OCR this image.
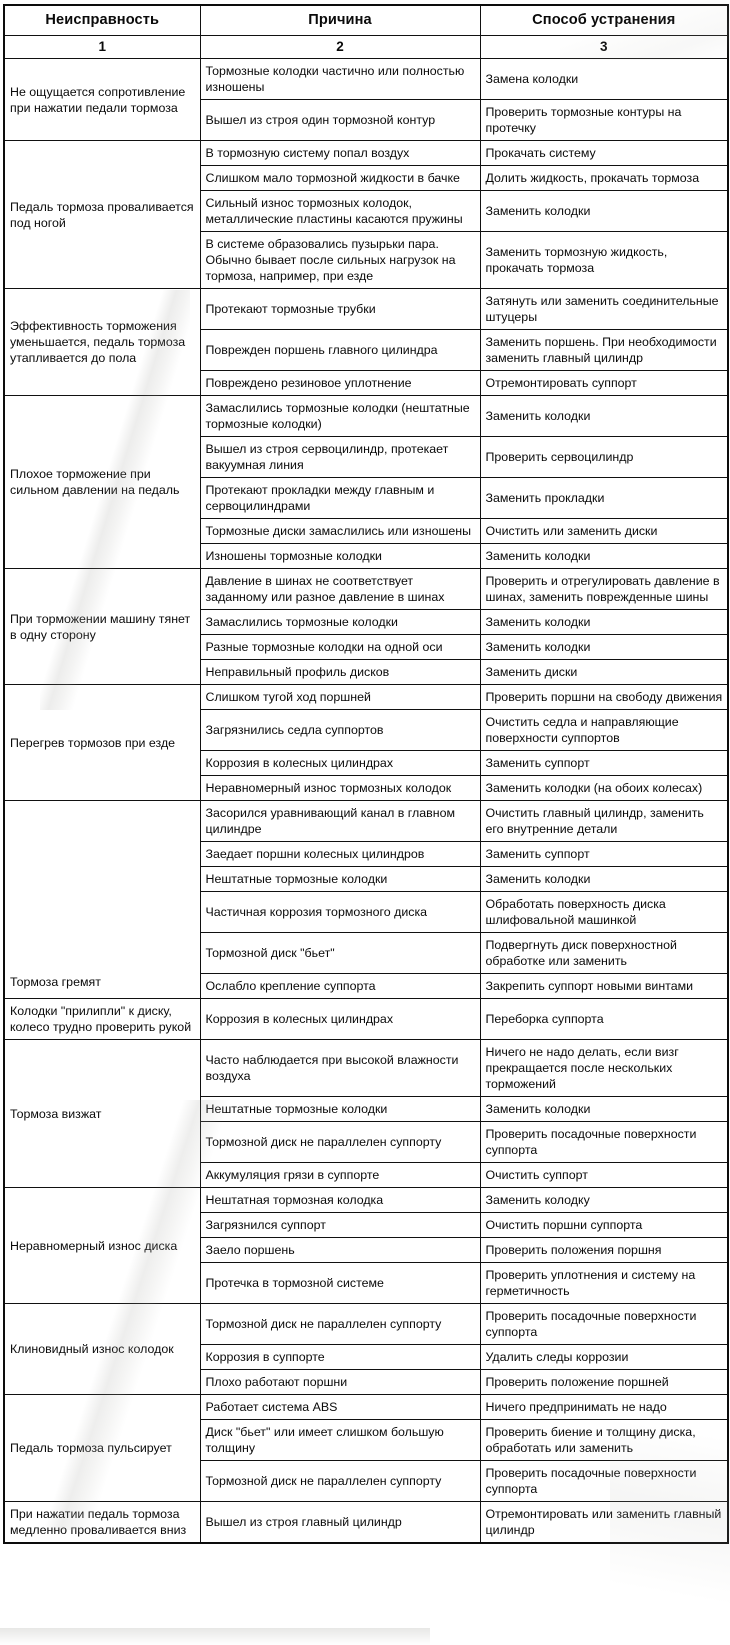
Неисправность	Причина	Способ устранения
1	2	3
Не ощущается сопротивление при нажатии педали тормоза	Тормозные колодки частично или полностью изношены	Замена колодки
	Вышел из строя один тормозной контур	Проверить тормозные контуры на протечку
Педаль тормоза проваливается под ногой	В тормозную систему попал воздух	Прокачать систему
	Слишком мало тормозной жидкости в бачке	Долить жидкость, прокачать тормоза
	Сильный износ тормозных колодок, металлические пластины касаются пружины	Заменить колодки
	В системе образовались пузырьки пара. Обычно бывает после сильных нагрузок на тормоза, например, при езде	Заменить тормозную жидкость, прокачать тормоза
Эффективность торможения уменьшается, педаль тормоза утапливается до пола	Протекают тормозные трубки	Затянуть или заменить соединительные штуцеры
	Поврежден поршень главного цилиндра	Заменить поршень. При необходимости заменить главный цилиндр
	Повреждено резиновое уплотнение	Отремонтировать суппорт
Плохое торможение при сильном давлении на педаль	Замаслились тормозные колодки (нештатные тормозные колодки)	Заменить колодки
	Вышел из строя сервоцилиндр, протекает вакуумная линия	Проверить сервоцилиндр
	Протекают прокладки между главным и сервоцилиндрами	Заменить прокладки
	Тормозные диски замаслились или изношены	Очистить или заменить диски
	Изношены тормозные колодки	Заменить колодки
При торможении машину тянет в одну сторону	Давление в шинах не соответствует заданному или разное давление в шинах	Проверить и отрегулировать давление в шинах, заменить поврежденные шины
	Замаслились тормозные колодки	Заменить колодки
	Разные тормозные колодки на одной оси	Заменить колодки
	Неправильный профиль дисков	Заменить диски
Перегрев тормозов при езде	Слишком тугой ход поршней	Проверить поршни на свободу движения
	Загрязнились седла суппортов	Очистить седла и направляющие поверхности суппортов
	Коррозия в колесных цилиндрах	Заменить суппорт
	Неравномерный износ тормозных колодок	Заменить колодки (на обоих колесах)
Тормоза гремят	Засорился уравнивающий канал в главном цилиндре	Очистить главный цилиндр, заменить его внутренние детали
	Заедает поршни колесных цилиндров	Заменить суппорт
	Нештатные тормозные колодки	Заменить колодки
	Частичная коррозия тормозного диска	Обработать поверхность диска шлифовальной машинкой
	Тормозной диск "бьет"	Подвергнуть диск поверхностной обработке или заменить
	Ослабло крепление суппорта	Закрепить суппорт новыми винтами
Колодки "прилипли" к диску, колесо трудно проверить рукой	Коррозия в колесных цилиндрах	Переборка суппорта
Тормоза визжат	Часто наблюдается при высокой влажности воздуха	Ничего не надо делать, если визг прекращается после нескольких торможений
	Нештатные тормозные колодки	Заменить колодки
	Тормозной диск не параллелен суппорту	Проверить посадочные поверхности суппорта
	Аккумуляция грязи в суппорте	Очистить суппорт
Неравномерный износ диска	Нештатная тормозная колодка	Заменить колодку
	Загрязнился суппорт	Очистить поршни суппорта
	Заело поршень	Проверить положения поршня
	Протечка в тормозной системе	Проверить уплотнения и систему на герметичность
Клиновидный износ колодок	Тормозной диск не параллелен суппорту	Проверить посадочные поверхности суппорта
	Коррозия в суппорте	Удалить следы коррозии
	Плохо работают поршни	Проверить положение поршней
Педаль тормоза пульсирует	Работает система ABS	Ничего предпринимать не надо
	Диск "бьет" или имеет слишком большую толщину	Проверить биение и толщину диска, обработать или заменить
	Тормозной диск не параллелен суппорту	Проверить посадочные поверхности суппорта
При нажатии педаль тормоза медленно проваливается вниз	Вышел из строя главный цилиндр	Отремонтировать или заменить главный цилиндр
